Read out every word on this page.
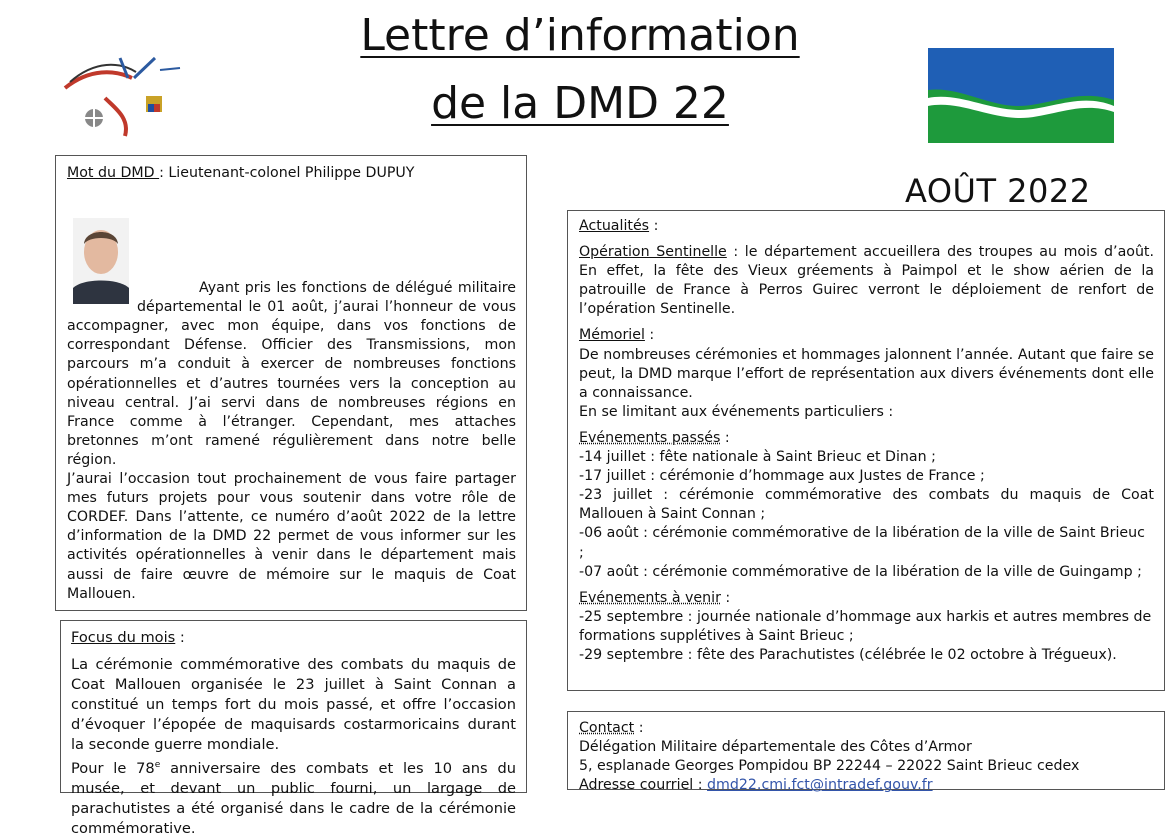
Lettre d’information
de la DMD 22
AOÛT 2022

Mot du DMD : Lieutenant-colonel Philippe DUPUY

Ayant pris les fonctions de délégué militaire départemental le 01 août, j’aurai l’honneur de vous accompagner, avec mon équipe, dans vos fonctions de correspondant Défense. Officier des Transmissions, mon parcours m’a conduit à exercer de nombreuses fonctions opérationnelles et d’autres tournées vers la conception au niveau central. J’ai servi dans de nombreuses régions en France comme à l’étranger. Cependant, mes attaches bretonnes m’ont ramené régulièrement dans notre belle région.

J’aurai l’occasion tout prochainement de vous faire partager mes futurs projets pour vous soutenir dans votre rôle de CORDEF. Dans l’attente, ce numéro d’août 2022 de la lettre d’information de la DMD 22 permet de vous informer sur les activités opérationnelles à venir dans le département mais aussi de faire œuvre de mémoire sur le maquis de Coat Mallouen.

Focus du mois :

La cérémonie commémorative des combats du maquis de Coat Mallouen organisée le 23 juillet à Saint Connan a constitué un temps fort du mois passé, et offre l’occasion d’évoquer l’épopée de maquisards costarmoricains durant la seconde guerre mondiale.

Pour le 78e anniversaire des combats et les 10 ans du musée, et devant un public fourni, un largage de parachutistes a été organisé dans le cadre de la cérémonie commémorative.

Actualités :

Opération Sentinelle : le département accueillera des troupes au mois d’août. En effet, la fête des Vieux gréements à Paimpol et le show aérien de la patrouille de France à Perros Guirec verront le déploiement de renfort de l’opération Sentinelle.

Mémoriel :

De nombreuses cérémonies et hommages jalonnent l’année. Autant que faire se peut, la DMD marque l’effort de représentation aux divers événements dont elle a connaissance.

En se limitant aux événements particuliers :

Evénements passés :

-14 juillet : fête nationale à Saint Brieuc et Dinan ;

-17 juillet : cérémonie d’hommage aux Justes de France ;

-23 juillet : cérémonie commémorative des combats du maquis de Coat Mallouen à Saint Connan ;

-06 août : cérémonie commémorative de la libération de la ville de Saint Brieuc ;

-07 août : cérémonie commémorative de la libération de la ville de Guingamp ;

Evénements à venir :

-25 septembre : journée nationale d’hommage aux harkis et autres membres de formations supplétives à Saint Brieuc ;

-29 septembre : fête des Parachutistes (célébrée le 02 octobre à Trégueux).

Contact :

Délégation Militaire départementale des Côtes d’Armor

5, esplanade Georges Pompidou BP 22244 – 22022 Saint Brieuc cedex

Adresse courriel : dmd22.cmi.fct@intradef.gouv.fr
